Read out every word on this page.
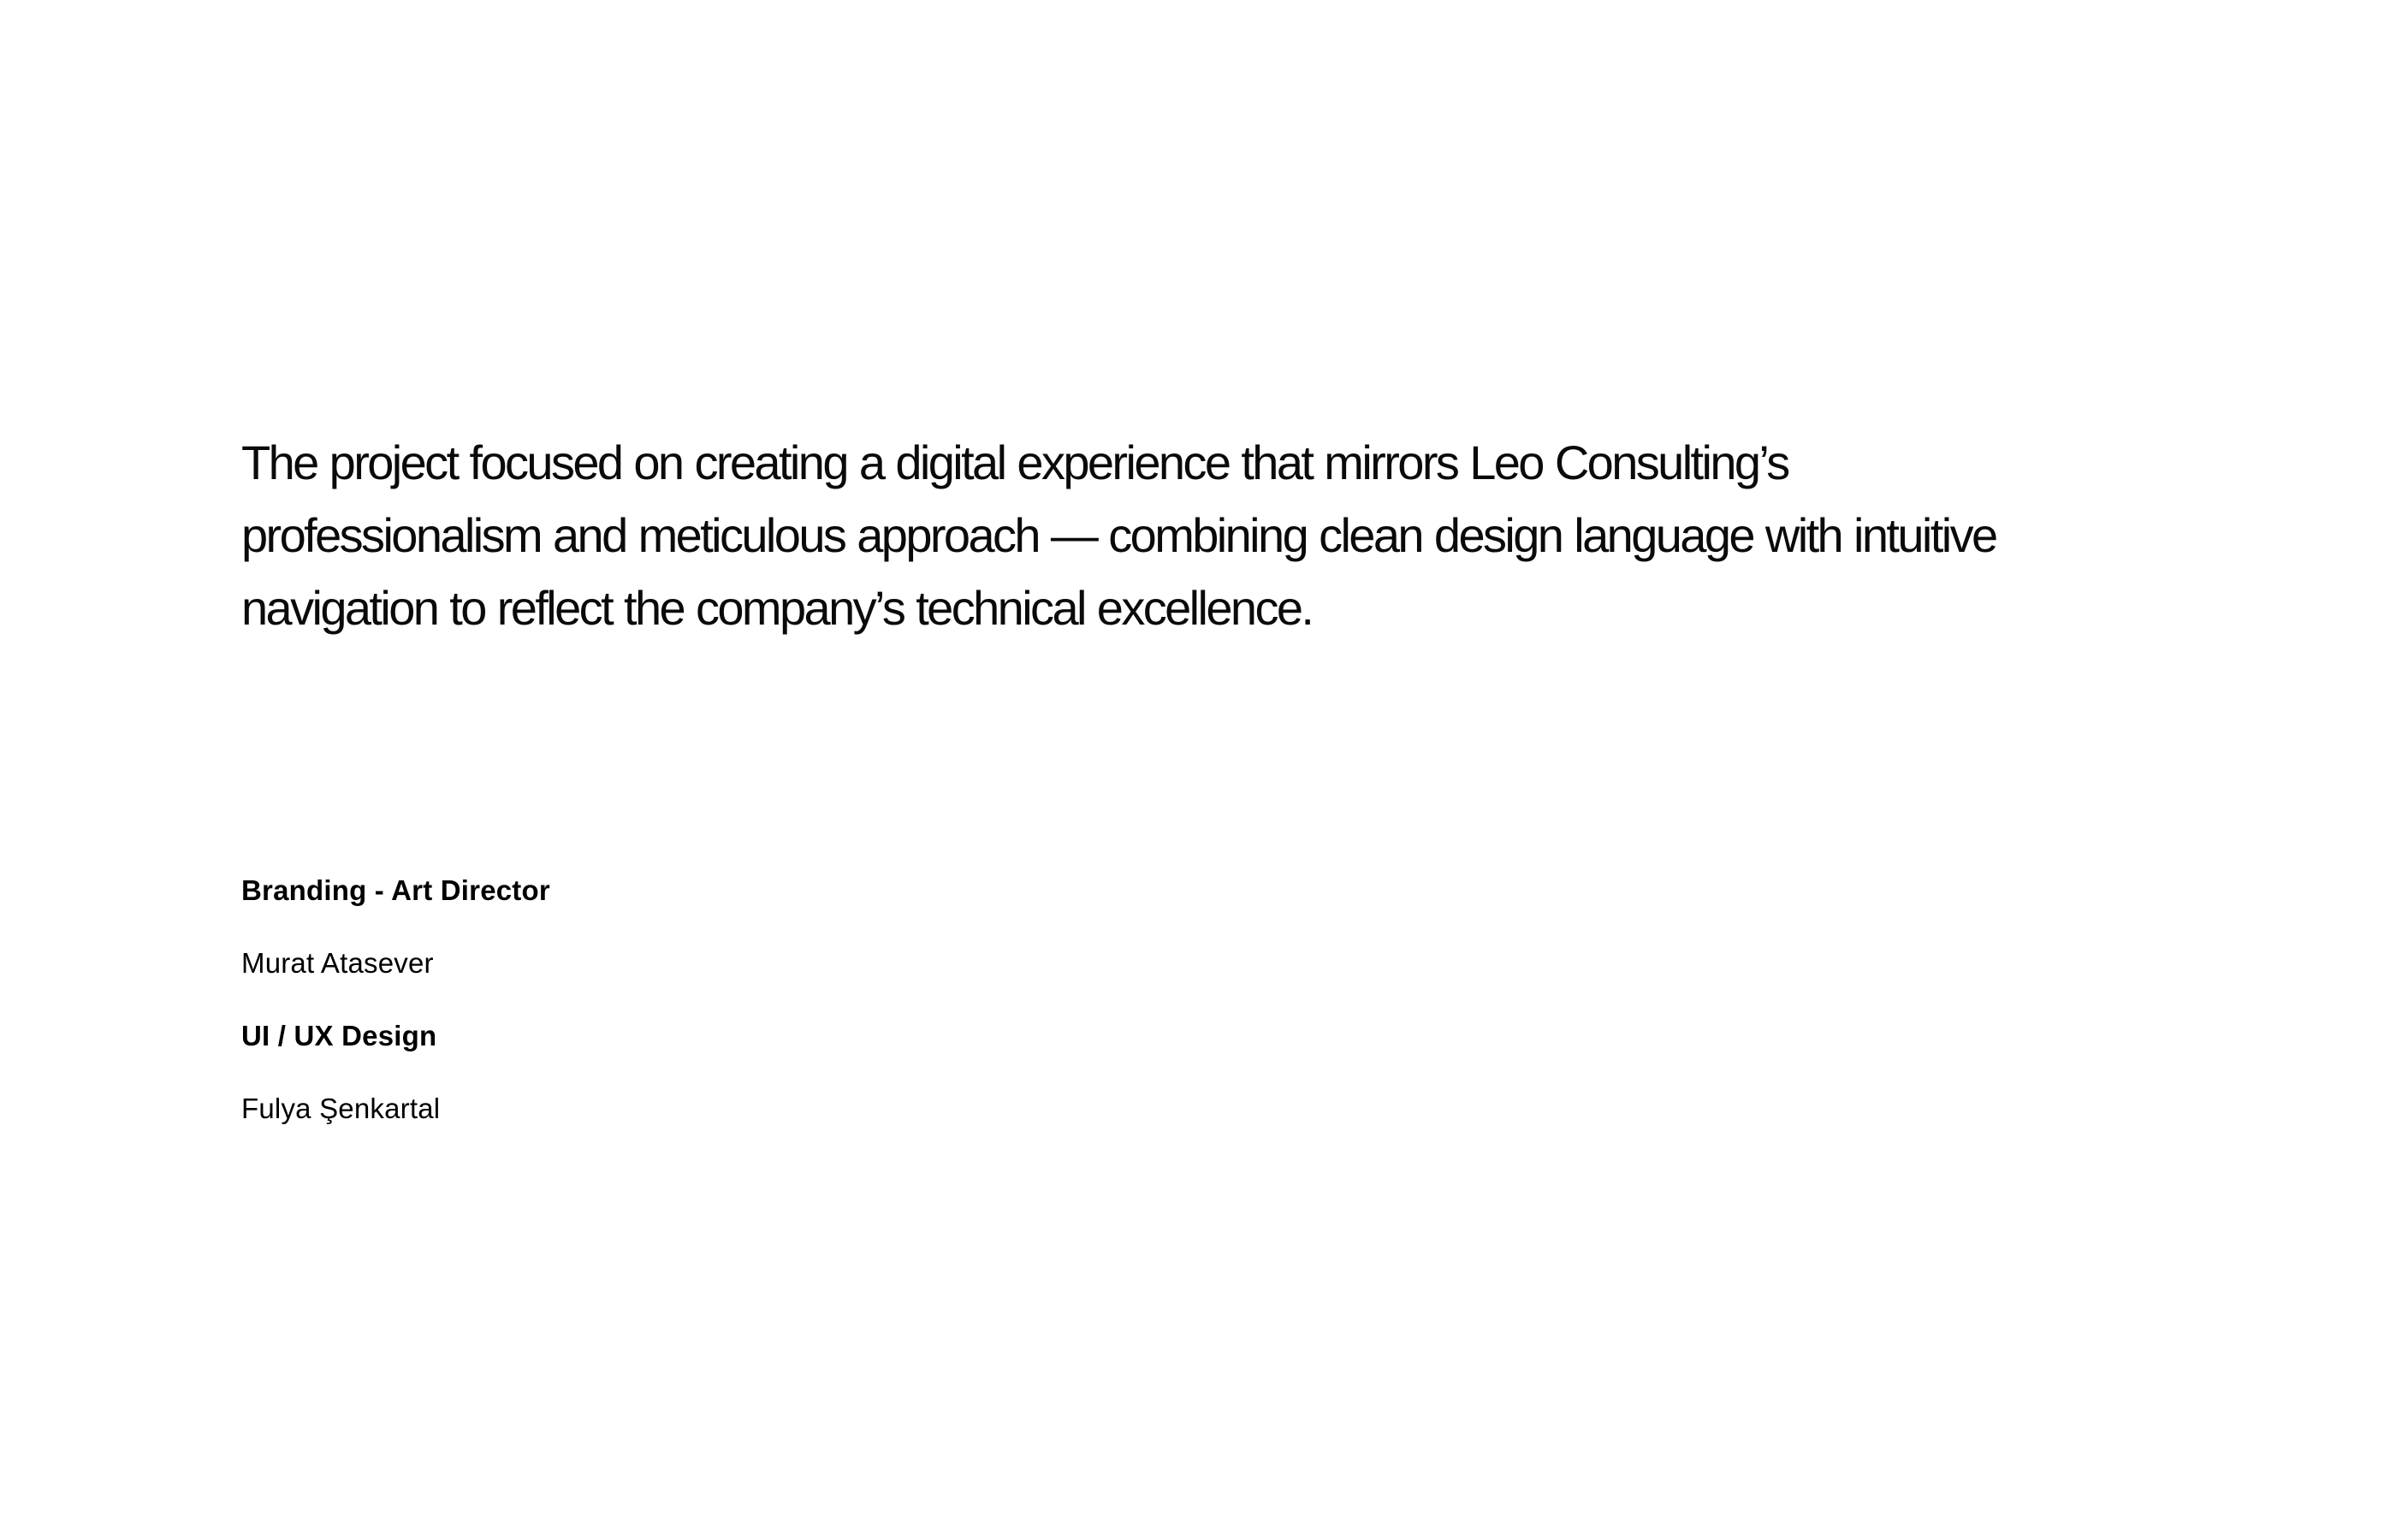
The project focused on creating a digital experience that mirrors Leo Consulting’s
professionalism and meticulous approach — combining clean design language with intuitive
navigation to reflect the company’s technical excellence.

Branding - Art Director
Murat Atasever
UI / UX Design
Fulya Şenkartal
